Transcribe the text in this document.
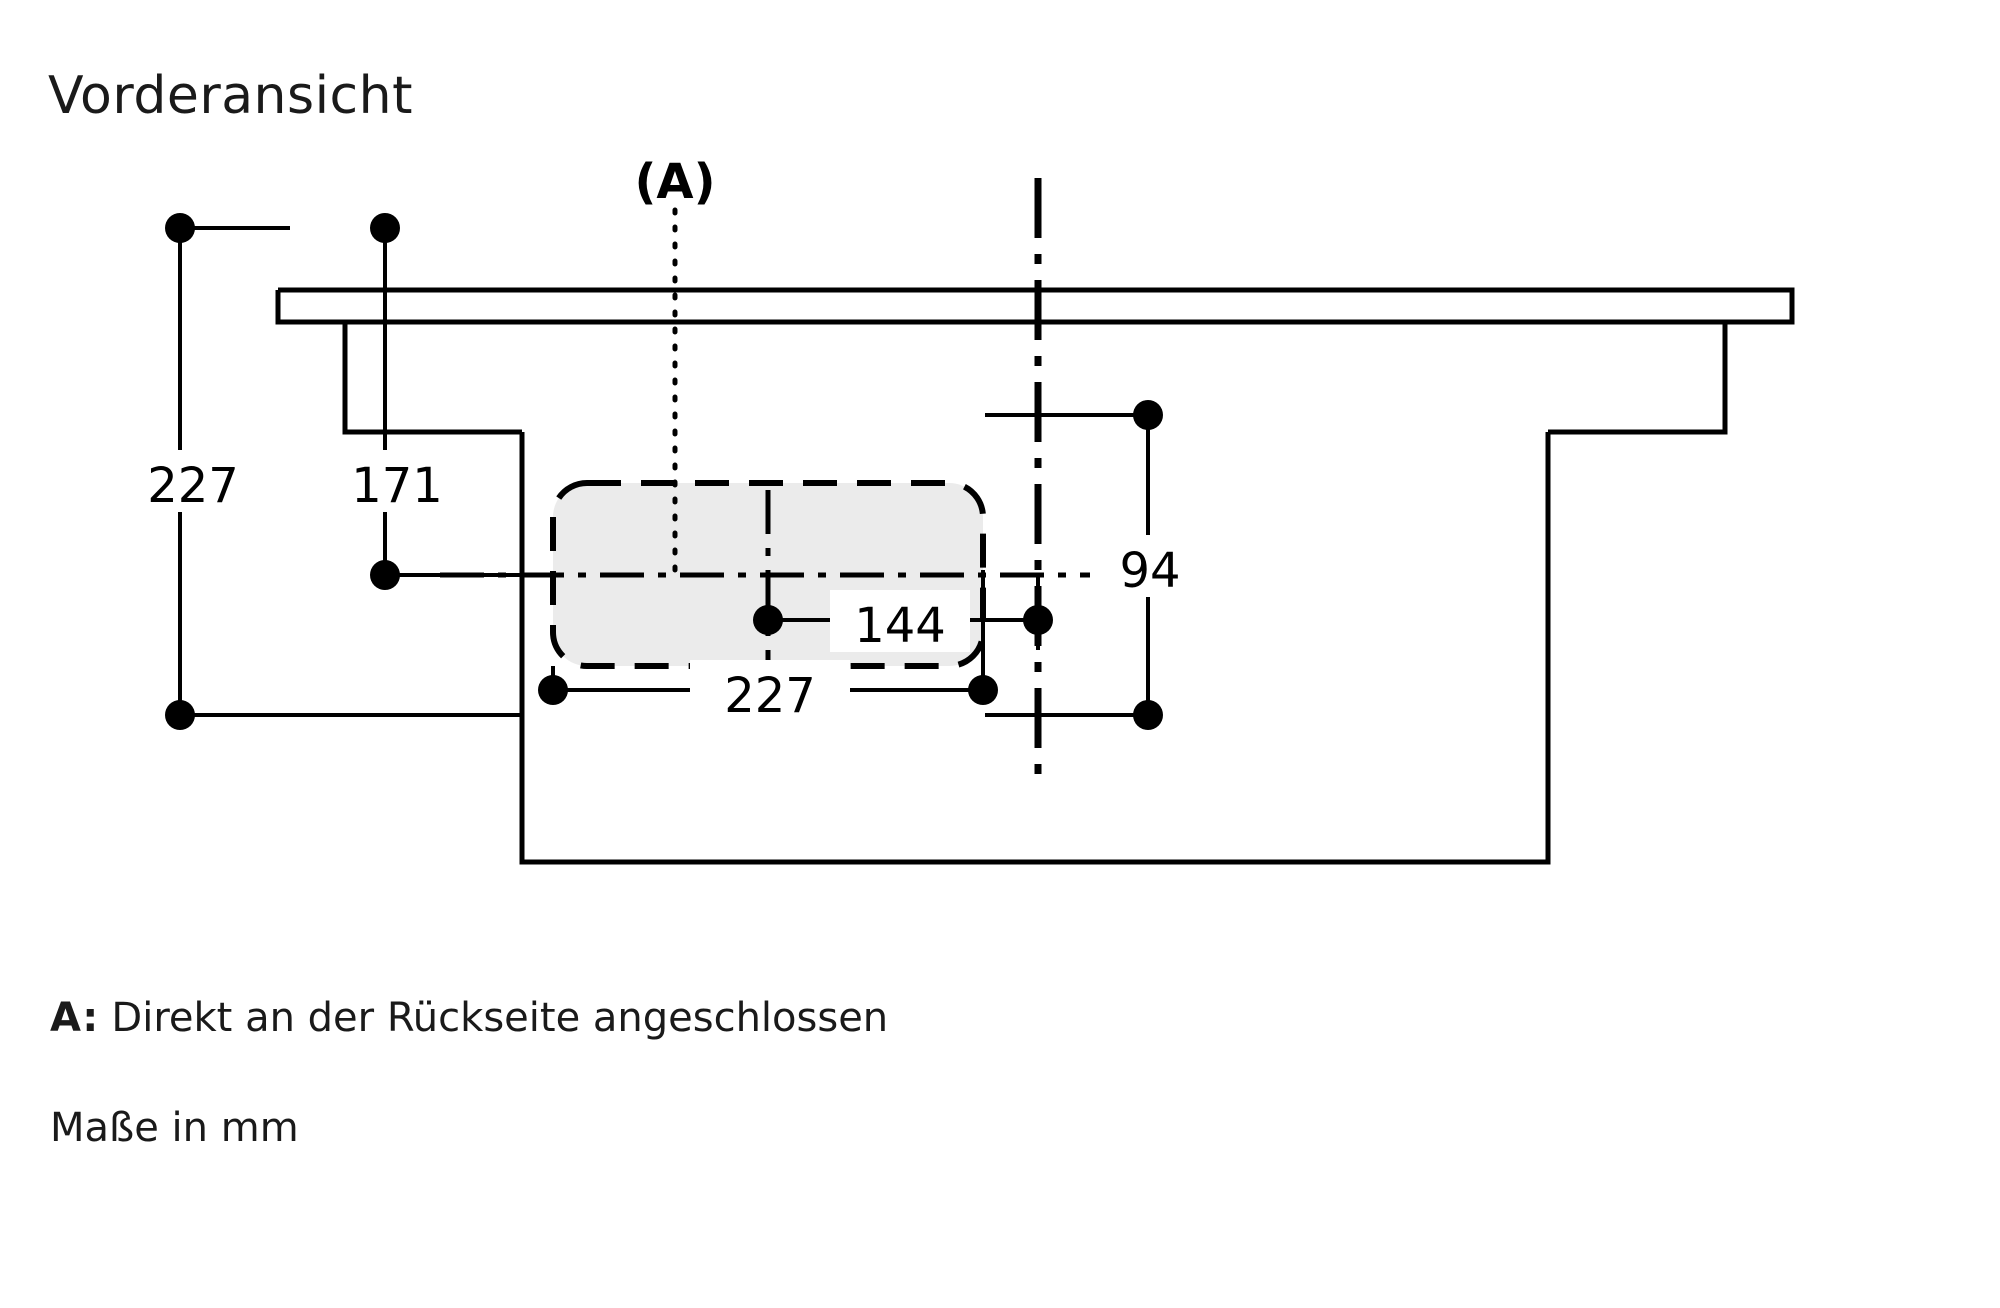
Vorderansicht
227 171
94
144
227
(A)
A: Direkt an der Rückseite angeschlossen
Maße in mm
